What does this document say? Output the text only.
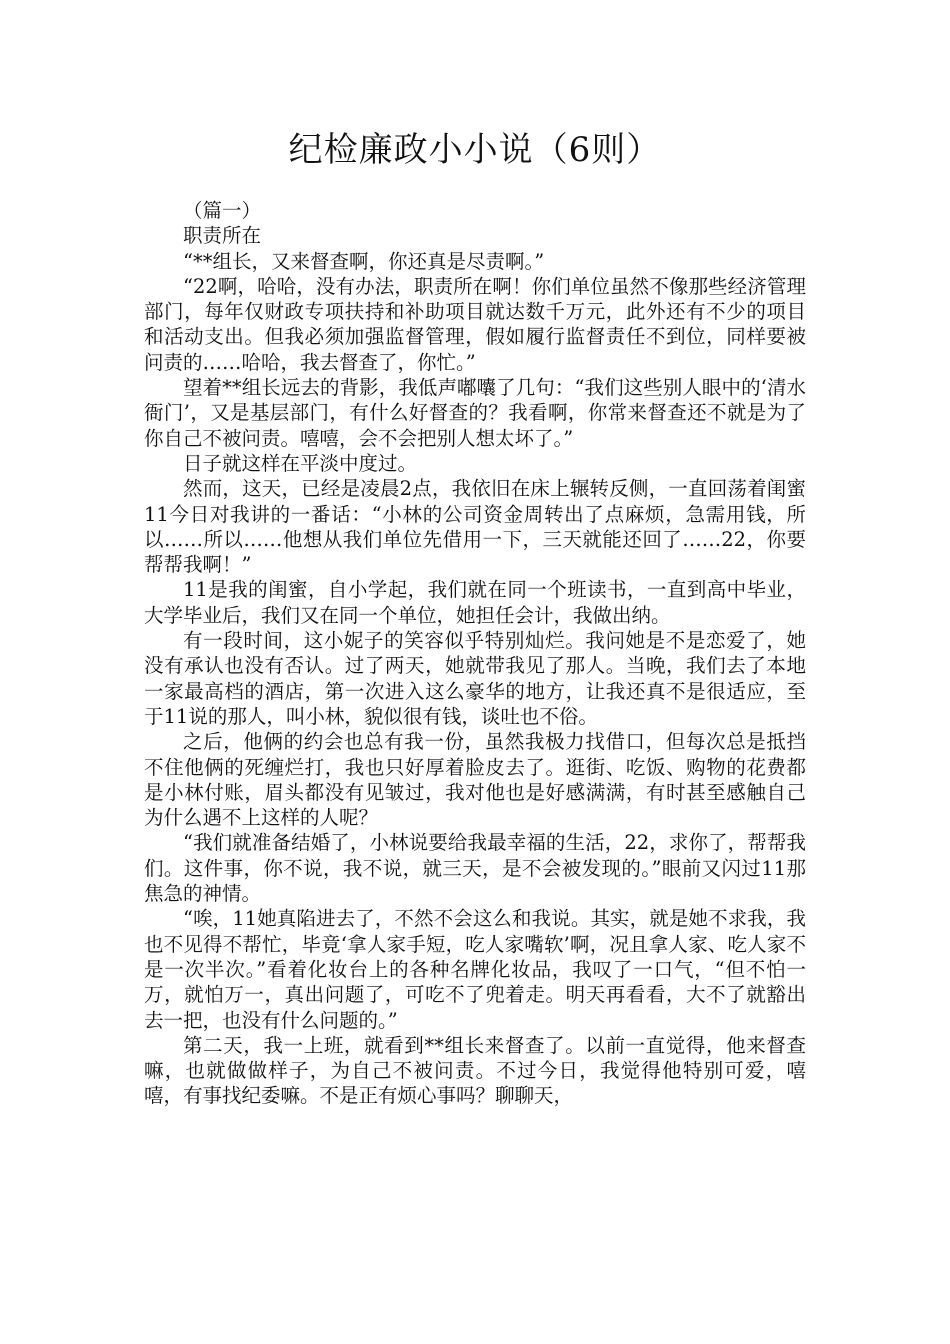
纪检廉政小小说（6则）

（篇一）

职责所在

“**组长，又来督查啊，你还真是尽责啊。”

“22啊，哈哈，没有办法，职责所在啊！你们单位虽然不像那些经济管理部门，每年仅财政专项扶持和补助项目就达数千万元，此外还有不少的项目和活动支出。但我必须加强监督管理，假如履行监督责任不到位，同样要被问责的……哈哈，我去督查了，你忙。”

望着**组长远去的背影，我低声嘟囔了几句：“我们这些别人眼中的‘清水衙门’，又是基层部门，有什么好督查的？我看啊，你常来督查还不就是为了你自己不被问责。嘻嘻，会不会把别人想太坏了。”

日子就这样在平淡中度过。

然而，这天，已经是凌晨2点，我依旧在床上辗转反侧，一直回荡着闺蜜11今日对我讲的一番话：“小林的公司资金周转出了点麻烦，急需用钱，所以……所以……他想从我们单位先借用一下，三天就能还回了……22，你要帮帮我啊！”

11是我的闺蜜，自小学起，我们就在同一个班读书，一直到高中毕业，大学毕业后，我们又在同一个单位，她担任会计，我做出纳。

有一段时间，这小妮子的笑容似乎特别灿烂。我问她是不是恋爱了，她没有承认也没有否认。过了两天，她就带我见了那人。当晚，我们去了本地一家最高档的酒店，第一次进入这么豪华的地方，让我还真不是很适应，至于11说的那人，叫小林，貌似很有钱，谈吐也不俗。

之后，他俩的约会也总有我一份，虽然我极力找借口，但每次总是抵挡不住他俩的死缠烂打，我也只好厚着脸皮去了。逛街、吃饭、购物的花费都是小林付账，眉头都没有见皱过，我对他也是好感满满，有时甚至感触自己为什么遇不上这样的人呢？

“我们就准备结婚了，小林说要给我最幸福的生活，22，求你了，帮帮我们。这件事，你不说，我不说，就三天，是不会被发现的。”眼前又闪过11那焦急的神情。

“唉，11她真陷进去了，不然不会这么和我说。其实，就是她不求我，我也不见得不帮忙，毕竟‘拿人家手短，吃人家嘴软’啊，况且拿人家、吃人家不是一次半次。”看着化妆台上的各种名牌化妆品，我叹了一口气，“但不怕一万，就怕万一，真出问题了，可吃不了兜着走。明天再看看，大不了就豁出去一把，也没有什么问题的。”

第二天，我一上班，就看到**组长来督查了。以前一直觉得，他来督查嘛，也就做做样子，为自己不被问责。不过今日，我觉得他特别可爱，嘻嘻，有事找纪委嘛。不是正有烦心事吗？聊聊天，
